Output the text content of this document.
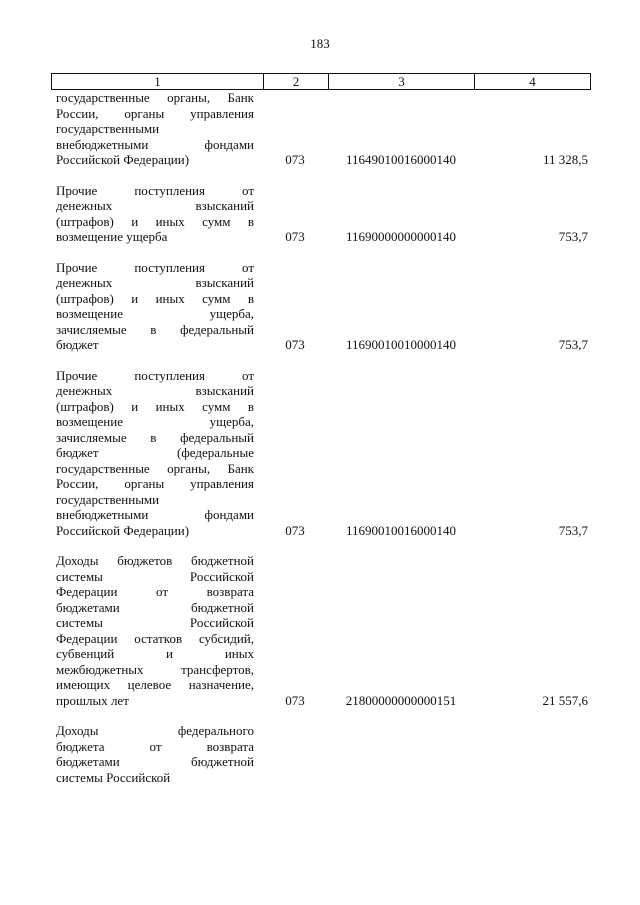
183
1	2	3	4
государственные органы, Банк
России, органы управления
государственными
внебюджетными фондами
Российской Федерации)	073	11649010016000140	11 328,5
Прочие поступления от
денежных взысканий
(штрафов) и иных сумм в
возмещение ущерба	073	11690000000000140	753,7
Прочие поступления от
денежных взысканий
(штрафов) и иных сумм в
возмещение ущерба,
зачисляемые в федеральный
бюджет	073	11690010010000140	753,7
Прочие поступления от
денежных взысканий
(штрафов) и иных сумм в
возмещение ущерба,
зачисляемые в федеральный
бюджет (федеральные
государственные органы, Банк
России, органы управления
государственными
внебюджетными фондами
Российской Федерации)	073	11690010016000140	753,7
Доходы бюджетов бюджетной
системы Российской
Федерации от возврата
бюджетами бюджетной
системы Российской
Федерации остатков субсидий,
субвенций и иных
межбюджетных трансфертов,
имеющих целевое назначение,
прошлых лет	073	21800000000000151	21 557,6
Доходы федерального
бюджета от возврата
бюджетами бюджетной
системы Российской
